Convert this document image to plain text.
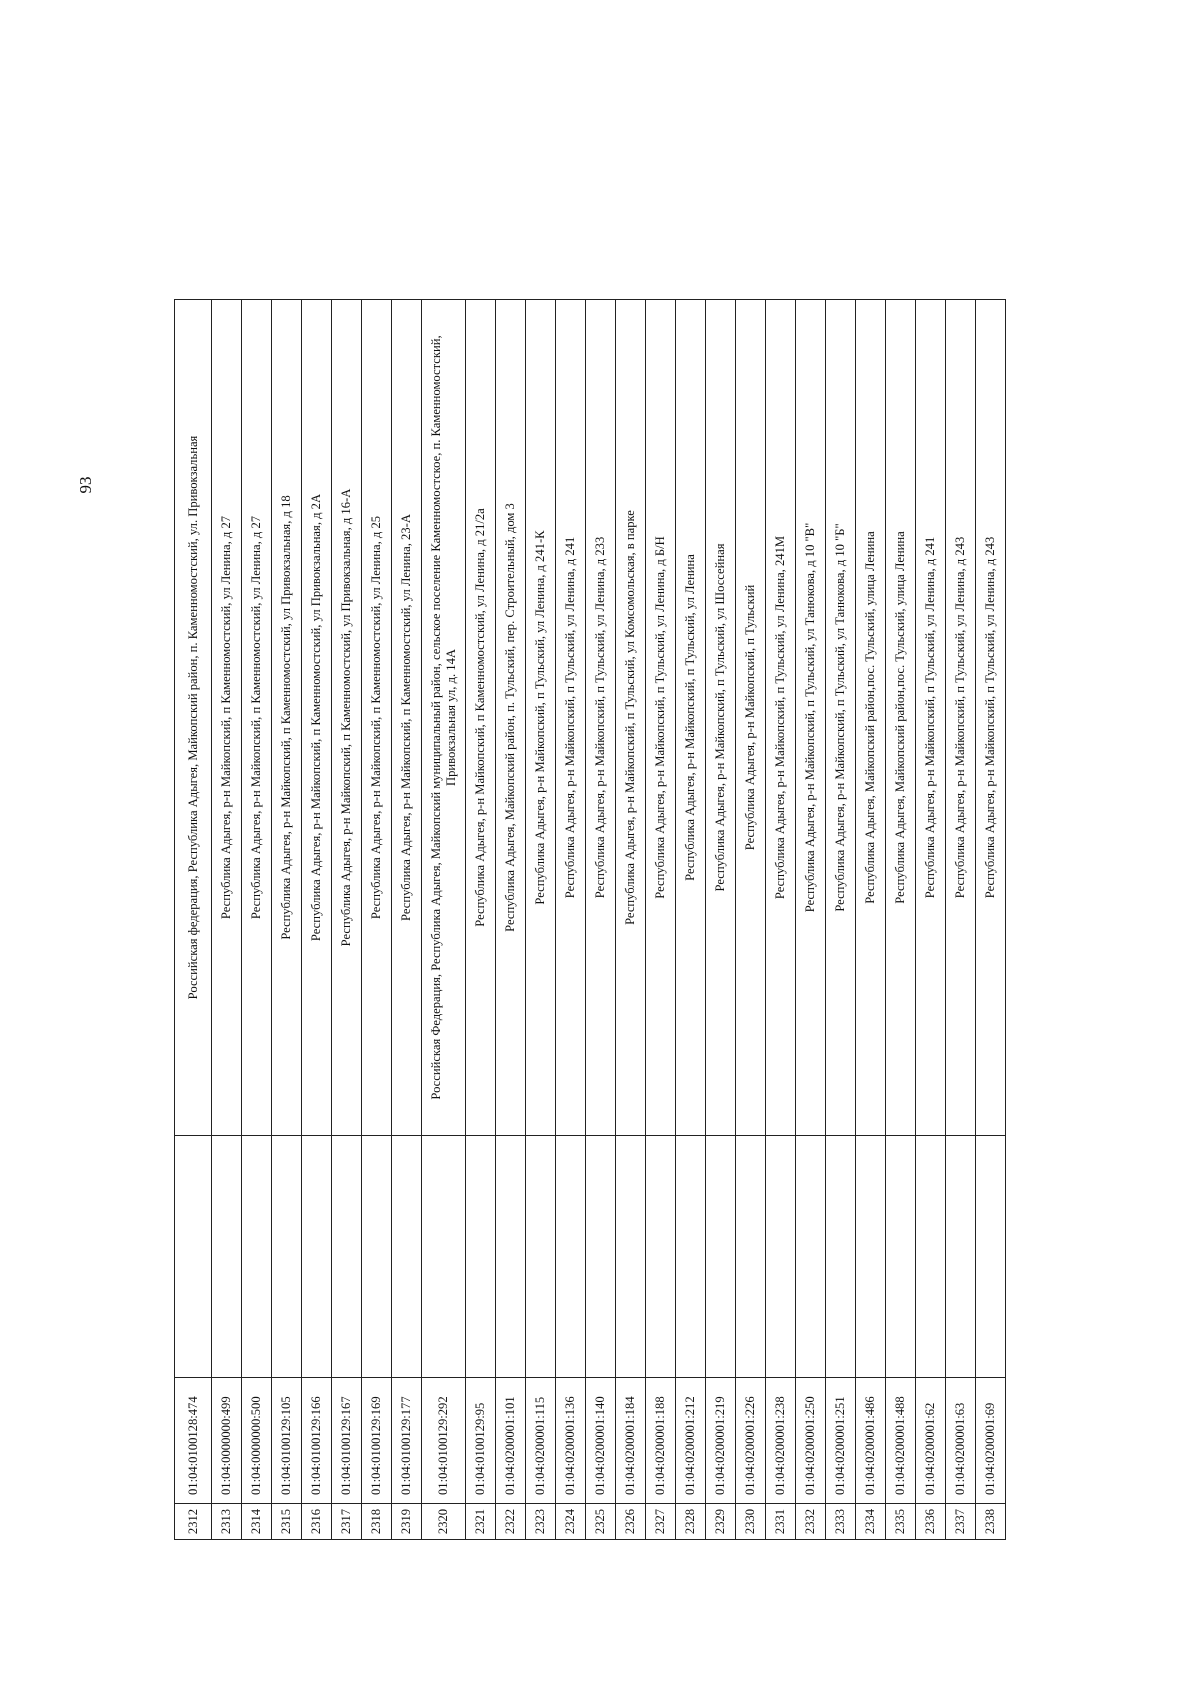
93
2312	01:04:0100128:474		Российская федерация, Республика Адыгея, Майкопский район, п. Каменномостский, ул. Привокзальная
2313	01:04:0000000:499		Республика Адыгея, р-н Майкопский, п Каменномостский, ул Ленина, д 27
2314	01:04:0000000:500		Республика Адыгея, р-н Майкопский, п Каменномостский, ул Ленина, д 27
2315	01:04:0100129:105		Республика Адыгея, р-н Майкопский, п Каменномостский, ул Привокзальная, д 18
2316	01:04:0100129:166		Республика Адыгея, р-н Майкопский, п Каменномостский, ул Привокзальная, д 2А
2317	01:04:0100129:167		Республика Адыгея, р-н Майкопский, п Каменномостский, ул Привокзальная, д 16-А
2318	01:04:0100129:169		Республика Адыгея, р-н Майкопский, п Каменномостский, ул Ленина, д 25
2319	01:04:0100129:177		Республика Адыгея, р-н Майкопский, п Каменномостский, ул Ленина, 23-А
2320	01:04:0100129:292		Российская Федерация, Республика Адыгея, Майкопский муниципальный район, сельское поселение Каменномостское, п. Каменномостский, Привокзальная ул, д. 14А
2321	01:04:0100129:95		Республика Адыгея, р-н Майкопский, п Каменномостский, ул Ленина, д 21/2а
2322	01:04:0200001:101		Республика Адыгея, Майкопский район, п. Тульский, пер. Строительный, дом 3
2323	01:04:0200001:115		Республика Адыгея, р-н Майкопский, п Тульский, ул Ленина, д 241-К
2324	01:04:0200001:136		Республика Адыгея, р-н Майкопский, п Тульский, ул Ленина, д 241
2325	01:04:0200001:140		Республика Адыгея, р-н Майкопский, п Тульский, ул Ленина, д 233
2326	01:04:0200001:184		Республика Адыгея, р-н Майкопский, п Тульский, ул Комсомольская, в парке
2327	01:04:0200001:188		Республика Адыгея, р-н Майкопский, п Тульский, ул Ленина, д Б/Н
2328	01:04:0200001:212		Республика Адыгея, р-н Майкопский, п Тульский, ул Ленина
2329	01:04:0200001:219		Республика Адыгея, р-н Майкопский, п Тульский, ул Шоссейная
2330	01:04:0200001:226		Республика Адыгея, р-н Майкопский, п Тульский
2331	01:04:0200001:238		Республика Адыгея, р-н Майкопский, п Тульский, ул Ленина, 241М
2332	01:04:0200001:250		Республика Адыгея, р-н Майкопский, п Тульский, ул Танюкова, д 10 "В"
2333	01:04:0200001:251		Республика Адыгея, р-н Майкопский, п Тульский, ул Танюкова, д 10 "Б"
2334	01:04:0200001:486		Республика Адыгея, Майкопский район,пос. Тульский, улица Ленина
2335	01:04:0200001:488		Республика Адыгея, Майкопский район,пос. Тульский, улица Ленина
2336	01:04:0200001:62		Республика Адыгея, р-н Майкопский, п Тульский, ул Ленина, д 241
2337	01:04:0200001:63		Республика Адыгея, р-н Майкопский, п Тульский, ул Ленина, д 243
2338	01:04:0200001:69		Республика Адыгея, р-н Майкопский, п Тульский, ул Ленина, д 243
